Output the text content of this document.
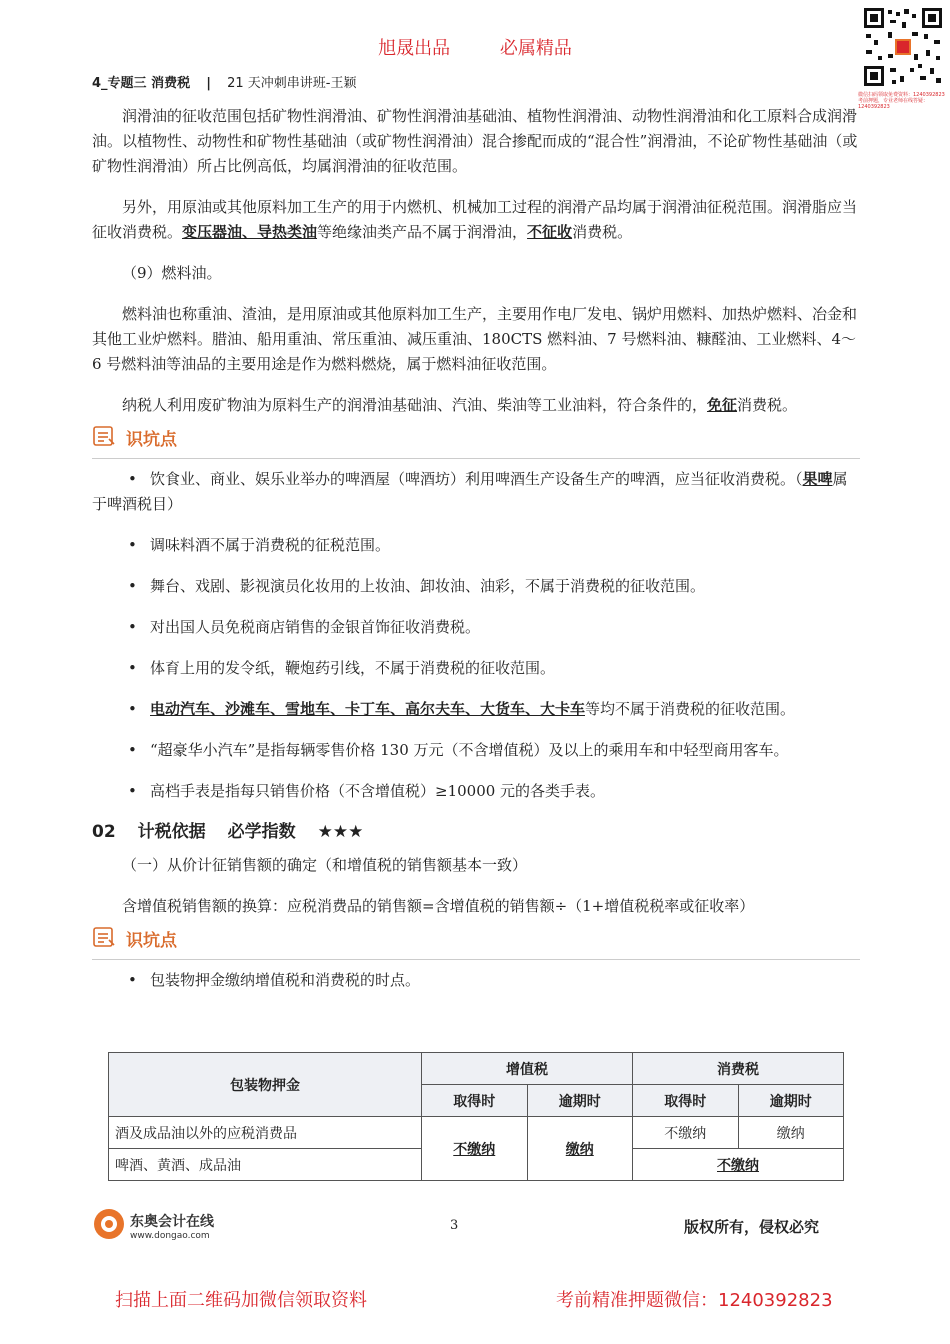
旭晟出品	必属精品
微信扫码领取免费资料：1240392823
考前押题，专业老师在线答疑：1240392823
4_专题三 消费税 | 21 天冲刺串讲班-王颖

润滑油的征收范围包括矿物性润滑油、矿物性润滑油基础油、植物性润滑油、动物性润滑油和化工原料合成润滑油。以植物性、动物性和矿物性基础油（或矿物性润滑油）混合掺配而成的“混合性”润滑油，不论矿物性基础油（或矿物性润滑油）所占比例高低，均属润滑油的征收范围。

另外，用原油或其他原料加工生产的用于内燃机、机械加工过程的润滑产品均属于润滑油征税范围。润滑脂应当征收消费税。变压器油、导热类油等绝缘油类产品不属于润滑油，不征收消费税。

（9）燃料油。

燃料油也称重油、渣油，是用原油或其他原料加工生产，主要用作电厂发电、锅炉用燃料、加热炉燃料、冶金和其他工业炉燃料。腊油、船用重油、常压重油、减压重油、180CTS 燃料油、7 号燃料油、糠醛油、工业燃料、4～6 号燃料油等油品的主要用途是作为燃料燃烧，属于燃料油征收范围。

纳税人利用废矿物油为原料生产的润滑油基础油、汽油、柴油等工业油料，符合条件的，免征消费税。

识坑点

• 饮食业、商业、娱乐业举办的啤酒屋（啤酒坊）利用啤酒生产设备生产的啤酒，应当征收消费税。（果啤属于啤酒税目）

• 调味料酒不属于消费税的征税范围。

• 舞台、戏剧、影视演员化妆用的上妆油、卸妆油、油彩，不属于消费税的征收范围。

• 对出国人员免税商店销售的金银首饰征收消费税。

• 体育上用的发令纸，鞭炮药引线，不属于消费税的征收范围。

• 电动汽车、沙滩车、雪地车、卡丁车、高尔夫车、大货车、大卡车等均不属于消费税的征收范围。

• “超豪华小汽车”是指每辆零售价格 130 万元（不含增值税）及以上的乘用车和中轻型商用客车。

• 高档手表是指每只销售价格（不含增值税）≥10000 元的各类手表。

02 计税依据 必学指数 ★★★

（一）从价计征销售额的确定（和增值税的销售额基本一致）

含增值税销售额的换算：应税消费品的销售额=含增值税的销售额÷（1+增值税税率或征收率）

识坑点

• 包装物押金缴纳增值税和消费税的时点。

包装物押金	增值税		消费税	
	取得时	逾期时	取得时	逾期时
酒及成品油以外的应税消费品	不缴纳	缴纳	不缴纳	缴纳
啤酒、黄酒、成品油			不缴纳	
东奥会计在线
www.dongao.com
3	版权所有，侵权必究
扫描上面二维码加微信领取资料	考前精准押题微信：1240392823
